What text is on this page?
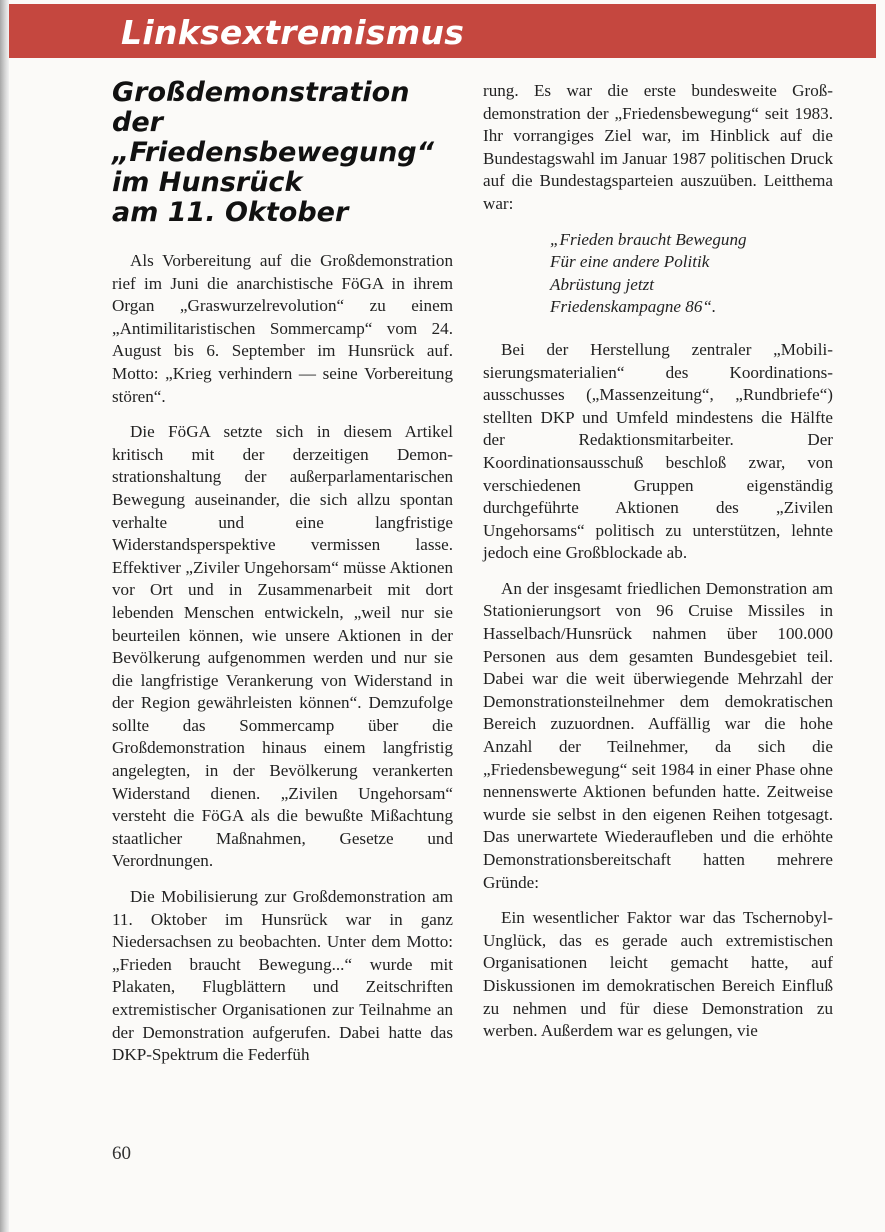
Linksextremismus
Großdemonstration
der
„Friedensbewegung“
im Hunsrück
am 11. Oktober

Als Vorbereitung auf die Großdemonstration rief im Juni die anarchistische FöGA in ihrem Organ „Graswurzelrevolution“ zu einem „Antimilitaristischen Sommercamp“ vom 24. August bis 6. September im Hunsrück auf. Motto: „Krieg verhindern — seine Vorbereitung stören“.

Die FöGA setzte sich in diesem Artikel kritisch mit der derzeitigen Demonstrationshaltung der außerparlamentarischen Bewegung auseinander, die sich allzu spontan verhalte und eine langfristige Widerstandsperspektive vermissen lasse. Effektiver „Ziviler Ungehorsam“ müsse Aktionen vor Ort und in Zusammenarbeit mit dort lebenden Menschen entwickeln, „weil nur sie beurteilen können, wie unsere Aktionen in der Bevölkerung aufgenommen werden und nur sie die langfristige Verankerung von Widerstand in der Region gewährleisten können“. Demzufolge sollte das Sommercamp über die Großdemonstration hinaus einem langfristig angelegten, in der Bevölkerung verankerten Widerstand dienen. „Zivilen Ungehorsam“ versteht die FöGA als die bewußte Mißachtung staatlicher Maßnahmen, Gesetze und Verordnungen.

Die Mobilisierung zur Großdemonstration am 11. Oktober im Hunsrück war in ganz Niedersachsen zu beobachten. Unter dem Motto: „Frieden braucht Bewegung...“ wurde mit Plakaten, Flugblättern und Zeitschriften extremistischer Organisationen zur Teilnahme an der Demonstration aufgerufen. Dabei hatte das DKP-Spektrum die Federfüh

rung. Es war die erste bundesweite Großdemonstration der „Friedensbewegung“ seit 1983. Ihr vorrangiges Ziel war, im Hinblick auf die Bundestagswahl im Januar 1987 politischen Druck auf die Bundestagsparteien auszuüben. Leitthema war:

„Frieden braucht Bewegung
Für eine andere Politik
Abrüstung jetzt
Friedenskampagne 86“.

Bei der Herstellung zentraler „Mobilisierungsmaterialien“ des Koordinationsausschusses („Massenzeitung“, „Rundbriefe“) stellten DKP und Umfeld mindestens die Hälfte der Redaktionsmitarbeiter. Der Koordinationsausschuß beschloß zwar, von verschiedenen Gruppen eigenständig durchgeführte Aktionen des „Zivilen Ungehorsams“ politisch zu unterstützen, lehnte jedoch eine Großblockade ab.

An der insgesamt friedlichen Demonstration am Stationierungsort von 96 Cruise Missiles in Hasselbach/Hunsrück nahmen über 100.000 Personen aus dem gesamten Bundesgebiet teil. Dabei war die weit überwiegende Mehrzahl der Demonstrationsteilnehmer dem demokratischen Bereich zuzuordnen. Auffällig war die hohe Anzahl der Teilnehmer, da sich die „Friedensbewegung“ seit 1984 in einer Phase ohne nennenswerte Aktionen befunden hatte. Zeitweise wurde sie selbst in den eigenen Reihen totgesagt. Das unerwartete Wiederaufleben und die erhöhte Demonstrationsbereitschaft hatten mehrere Gründe:

Ein wesentlicher Faktor war das Tschernobyl-Unglück, das es gerade auch extremistischen Organisationen leicht gemacht hatte, auf Diskussionen im demokratischen Bereich Einfluß zu nehmen und für diese Demonstration zu werben. Außerdem war es gelungen, vie

60
